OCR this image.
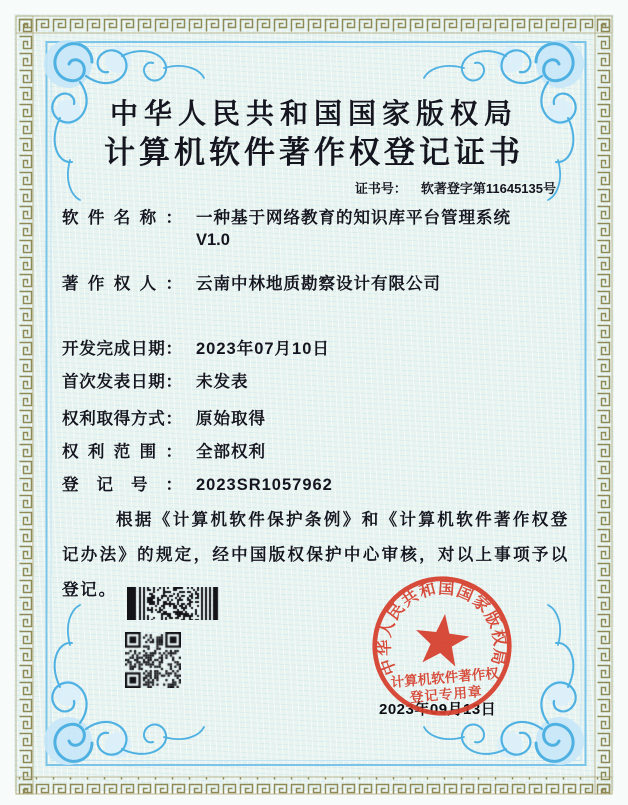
中华人民共和国国家版权局
计算机软件著作权登记证书
证书号： 软著登字第11645135号
软件名称： 一种基于网络教育的知识库平台管理系统
V1.0
著作权人： 云南中林地质勘察设计有限公司
开发完成日期： 2023年07月10日
首次发表日期： 未发表
权利取得方式： 原始取得
权利范围： 全部权利
登记号： 2023SR1057962

根据《计算机软件保护条例》和《计算机软件著作权登记办法》的规定，经中国版权保护中心审核，对以上事项予以登记。

2023年09月13日
中华人民共和国国家版权局
计算机软件著作权
登记专用章
